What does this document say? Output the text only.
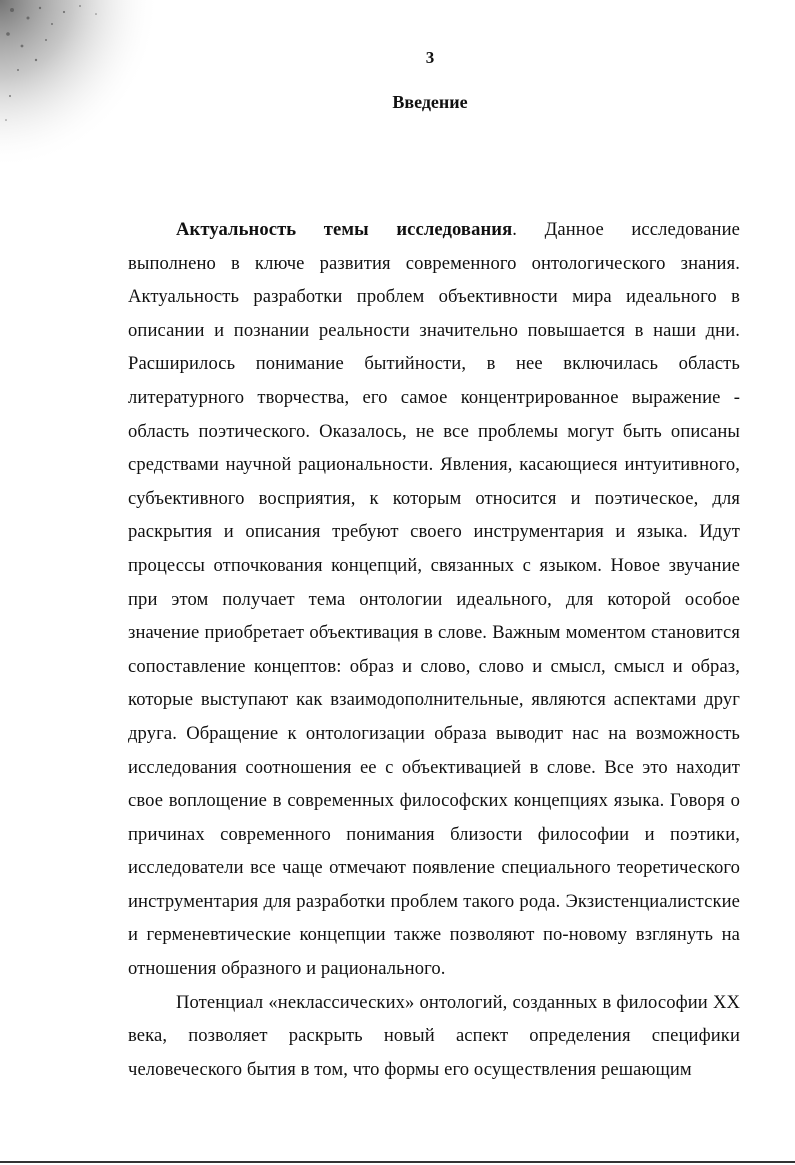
3
Введение

Актуальность темы исследования. Данное исследование выполнено в ключе развития современного онтологического знания. Актуальность разработки проблем объективности мира идеального в описании и познании реальности значительно повышается в наши дни. Расширилось понимание бытийности, в нее включилась область литературного творчества, его самое концентрированное выражение - область поэтического. Оказалось, не все проблемы могут быть описаны средствами научной рациональности. Явления, касающиеся интуитивного, субъективного восприятия, к которым относится и поэтическое, для раскрытия и описания требуют своего инструментария и языка. Идут процессы отпочкования концепций, связанных с языком. Новое звучание при этом получает тема онтологии идеального, для которой особое значение приобретает объективация в слове. Важным моментом становится сопоставление концептов: образ и слово, слово и смысл, смысл и образ, которые выступают как взаимодополнительные, являются аспектами друг друга. Обращение к онтологизации образа выводит нас на возможность исследования соотношения ее с объективацией в слове. Все это находит свое воплощение в современных философских концепциях языка. Говоря о причинах современного понимания близости философии и поэтики, исследователи все чаще отмечают появление специального теоретического инструментария для разработки проблем такого рода. Экзистенциалистские и герменевтические концепции также позволяют по-новому взглянуть на отношения образного и рационального.

Потенциал «неклассических» онтологий, созданных в философии XX века, позволяет раскрыть новый аспект определения специфики человеческого бытия в том, что формы его осуществления решающим
